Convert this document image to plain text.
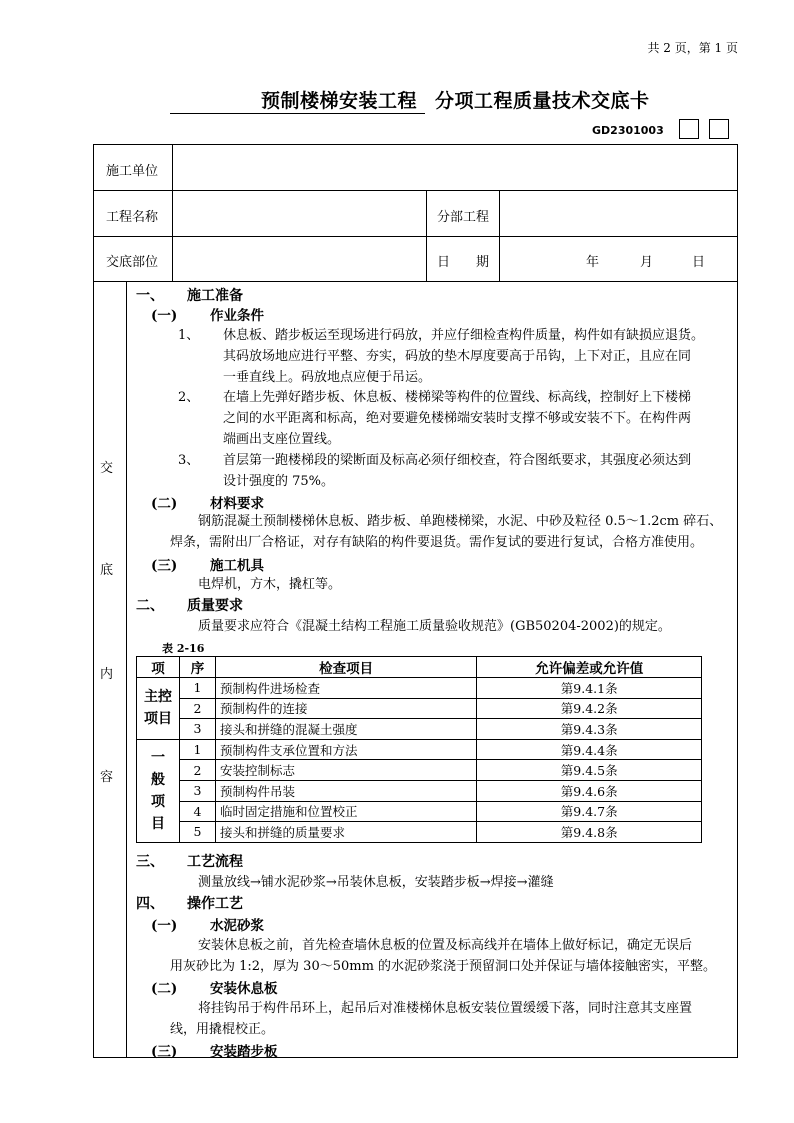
共 2 页，第 1 页
预制楼梯安装工程 分项工程质量技术交底卡
GD2301003
施工单位
工程名称	分部工程
交底部位	日　　期	年	月	日
交
底
内
容
一、 施工准备
(一) 作业条件
1、 休息板、踏步板运至现场进行码放，并应仔细检查构件质量，构件如有缺损应退货。
其码放场地应进行平整、夯实，码放的垫木厚度要高于吊钩，上下对正，且应在同
一垂直线上。码放地点应便于吊运。
2、 在墙上先弹好踏步板、休息板、楼梯梁等构件的位置线、标高线，控制好上下楼梯
之间的水平距离和标高，绝对要避免楼梯端安装时支撑不够或安装不下。在构件两
端画出支座位置线。
3、 首层第一跑楼梯段的梁断面及标高必须仔细校查，符合图纸要求，其强度必须达到
设计强度的 75%。
(二) 材料要求
钢筋混凝土预制楼梯休息板、踏步板、单跑楼梯梁，水泥、中砂及粒径 0.5～1.2cm 碎石、
焊条，需附出厂合格证，对存有缺陷的构件要退货。需作复试的要进行复试，合格方准使用。
(三) 施工机具
电焊机，方木，撬杠等。
二、 质量要求
质量要求应符合《混凝土结构工程施工质量验收规范》(GB50204-2002)的规定。
表 2-16
项	序	检查项目	允许偏差或允许值

主控项目	1	预制构件进场检查	第9.4.1条
	2	预制构件的连接	第9.4.2条
	3	接头和拼缝的混凝土强度	第9.4.3条

一般项目	1	预制构件支承位置和方法	第9.4.4条
	2	安装控制标志	第9.4.5条
	3	预制构件吊装	第9.4.6条
	4	临时固定措施和位置校正	第9.4.7条
	5	接头和拼缝的质量要求	第9.4.8条
三、 工艺流程
测量放线→铺水泥砂浆→吊装休息板，安装踏步板→焊接→灌缝
四、 操作工艺
(一) 水泥砂浆
安装休息板之前，首先检查墙休息板的位置及标高线并在墙体上做好标记，确定无误后
用灰砂比为 1:2，厚为 30～50mm 的水泥砂浆浇于预留洞口处并保证与墙体接触密实，平整。
(二) 安装休息板
将挂钩吊于构件吊环上，起吊后对准楼梯休息板安装位置缓缓下落，同时注意其支座置
线，用撬棍校正。
(三) 安装踏步板
